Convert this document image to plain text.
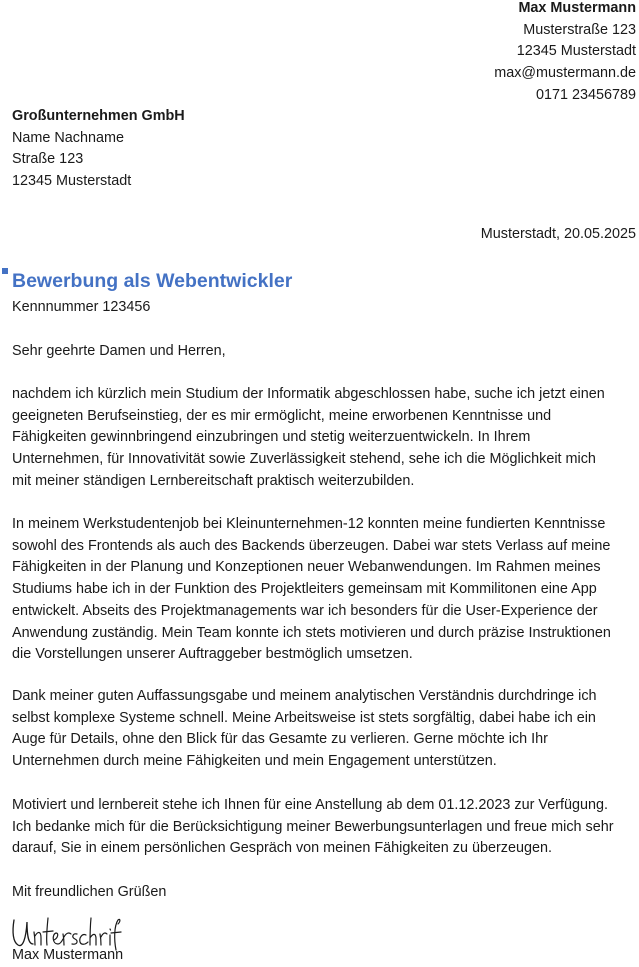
Max Mustermann
Musterstraße 123
12345 Musterstadt
max@mustermann.de
0171 23456789
Großunternehmen GmbH
Name Nachname
Straße 123
12345 Musterstadt
Musterstadt, 20.05.2025
Bewerbung als Webentwickler
Kennnummer 123456
Sehr geehrte Damen und Herren,
nachdem ich kürzlich mein Studium der Informatik abgeschlossen habe, suche ich jetzt einen
geeigneten Berufseinstieg, der es mir ermöglicht, meine erworbenen Kenntnisse und
Fähigkeiten gewinnbringend einzubringen und stetig weiterzuentwickeln. In Ihrem
Unternehmen, für Innovativität sowie Zuverlässigkeit stehend, sehe ich die Möglichkeit mich
mit meiner ständigen Lernbereitschaft praktisch weiterzubilden.
In meinem Werkstudentenjob bei Kleinunternehmen-12 konnten meine fundierten Kenntnisse
sowohl des Frontends als auch des Backends überzeugen. Dabei war stets Verlass auf meine
Fähigkeiten in der Planung und Konzeptionen neuer Webanwendungen. Im Rahmen meines
Studiums habe ich in der Funktion des Projektleiters gemeinsam mit Kommilitonen eine App
entwickelt. Abseits des Projektmanagements war ich besonders für die User-Experience der
Anwendung zuständig. Mein Team konnte ich stets motivieren und durch präzise Instruktionen
die Vorstellungen unserer Auftraggeber bestmöglich umsetzen.
Dank meiner guten Auffassungsgabe und meinem analytischen Verständnis durchdringe ich
selbst komplexe Systeme schnell. Meine Arbeitsweise ist stets sorgfältig, dabei habe ich ein
Auge für Details, ohne den Blick für das Gesamte zu verlieren. Gerne möchte ich Ihr
Unternehmen durch meine Fähigkeiten und mein Engagement unterstützen.
Motiviert und lernbereit stehe ich Ihnen für eine Anstellung ab dem 01.12.2023 zur Verfügung.
Ich bedanke mich für die Berücksichtigung meiner Bewerbungsunterlagen und freue mich sehr
darauf, Sie in einem persönlichen Gespräch von meinen Fähigkeiten zu überzeugen.
Mit freundlichen Grüßen
Max Mustermann
